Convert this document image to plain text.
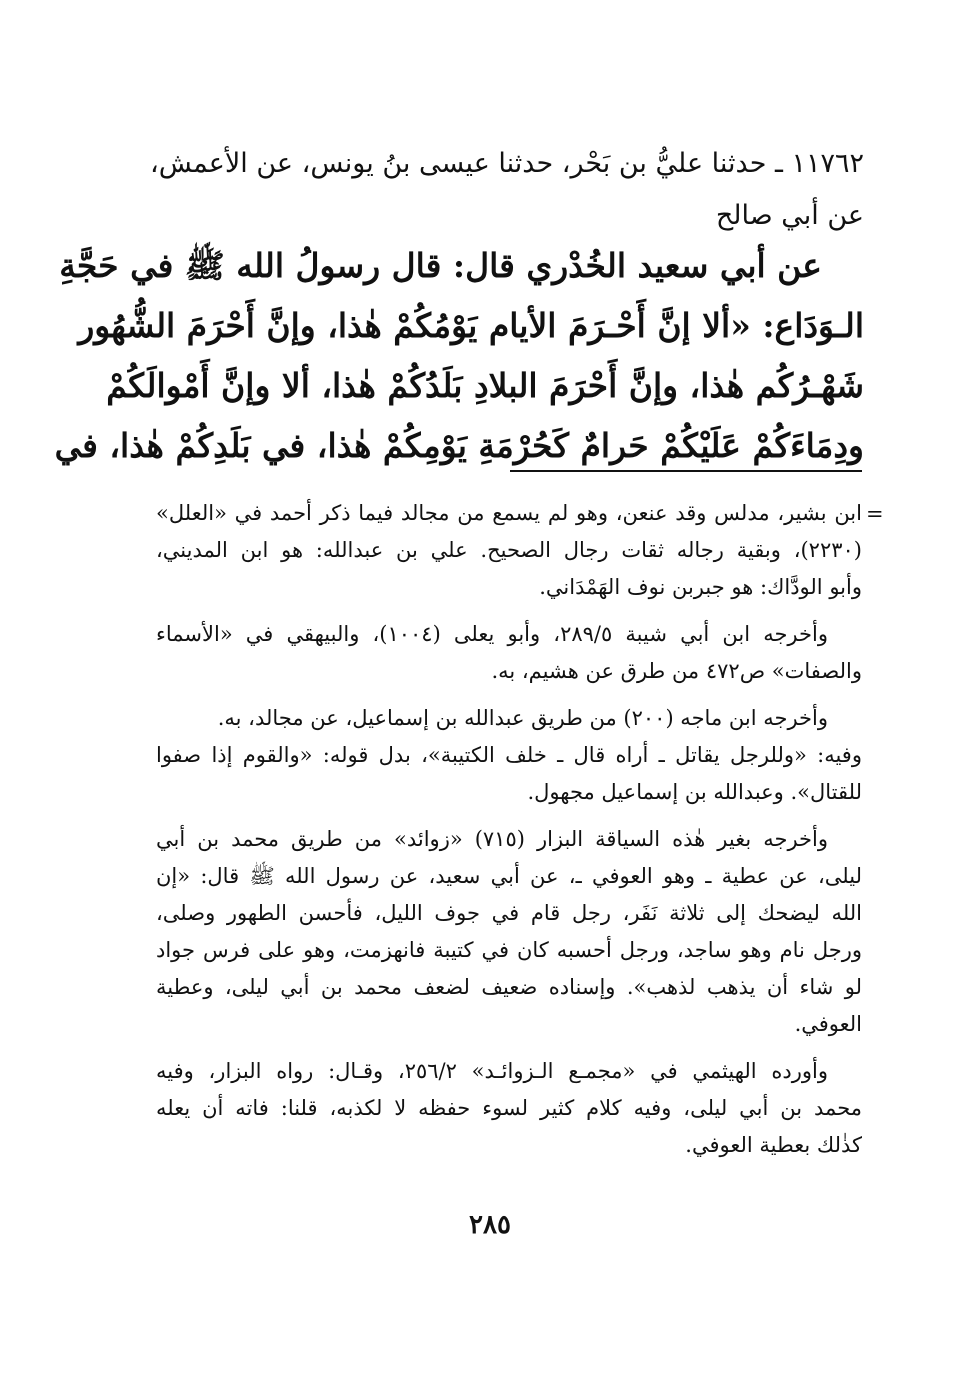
١١٧٦٢ ـ حدثنا عليُّ بن بَحْر، حدثنا عيسى بنُ يونس، عن الأعمش،
عن أبي صالح
عن أبي سعيد الخُدْري قال: قال رسولُ الله ﷺ في حَجَّةِ
الـوَدَاع: «ألا إنَّ أَحْـرَمَ الأيام يَوْمُكُمْ هٰذا، وإنَّ أَحْرَمَ الشُّهُور
شَهْـرُكُم هٰذا، وإنَّ أَحْرَمَ البلادِ بَلَدُكُمْ هٰذا، ألا وإنَّ أَمْوالَكُمْ
ودِمَاءَكُمْ عَلَيْكُمْ حَرامٌ كَحُرْمَةِ يَوْمِكُمْ هٰذا، في بَلَدِكُمْ هٰذا، في
=
ابن بشير، مدلس وقد عنعن، وهو لم يسمع من مجالد فيما ذكر أحمد في «العلل»
(٢٢٣٠)، وبقية رجاله ثقات رجال الصحيح. علي بن عبدالله: هو ابن المديني،
وأبو الودَّاك: هو جبربن نوف الهَمْدَاني.
وأخرجه ابن أبي شيبة ٢٨٩/٥، وأبو يعلى (١٠٠٤)، والبيهقي في «الأسماء
والصفات» ص٤٧٢ من طرق عن هشيم، به.
وأخرجه ابن ماجه (٢٠٠) من طريق عبدالله بن إسماعيل، عن مجالد، به.
وفيه: «وللرجل يقاتل ـ أراه قال ـ خلف الكتيبة»، بدل قوله: «والقوم إذا صفوا
للقتال». وعبدالله بن إسماعيل مجهول.
وأخرجه بغير هٰذه السياقة البزار (٧١٥) «زوائد» من طريق محمد بن أبي
ليلى، عن عطية ـ وهو العوفي ـ، عن أبي سعيد، عن رسول الله ﷺ قال: «إن
الله ليضحك إلى ثلاثة نَفَر، رجل قام في جوف الليل، فأحسن الطهور وصلى،
ورجل نام وهو ساجد، ورجل أحسبه كان في كتيبة فانهزمت، وهو على فرس جواد
لو شاء أن يذهب لذهب». وإسناده ضعيف لضعف محمد بن أبي ليلى، وعطية
العوفي.
وأورده الهيثمي في «مجمـع الـزوائـد» ٢٥٦/٢، وقـال: رواه البزار، وفيه
محمد بن أبي ليلى، وفيه كلام كثير لسوء حفظه لا لكذبه، قلنا: فاته أن يعله
كذٰلك بعطية العوفي.
٢٨٥
